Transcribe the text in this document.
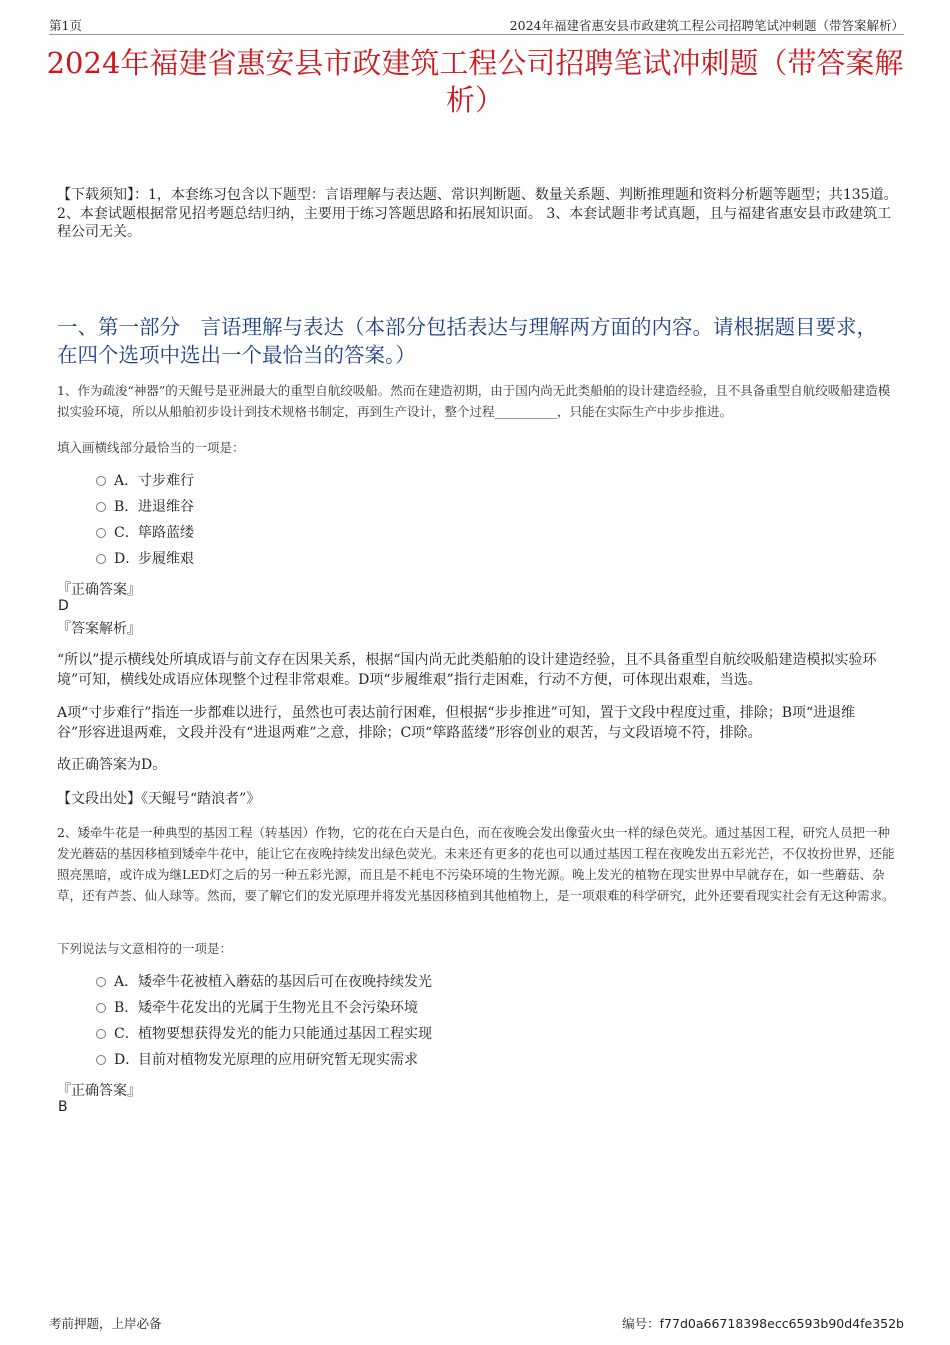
第1页	2024年福建省惠安县市政建筑工程公司招聘笔试冲刺题（带答案解析）
2024年福建省惠安县市政建筑工程公司招聘笔试冲刺题（带答案解析）
【下载须知】：1，本套练习包含以下题型：言语理解与表达题、常识判断题、数量关系题、判断推理题和资料分析题等题型；共135道。 2、本套试题根据常见招考题总结归纳，主要用于练习答题思路和拓展知识面。 3、本套试题非考试真题，且与福建省惠安县市政建筑工程公司无关。
一、第一部分　言语理解与表达（本部分包括表达与理解两方面的内容。请根据题目要求，在四个选项中选出一个最恰当的答案。）
1、作为疏浚“神器”的天鲲号是亚洲最大的重型自航绞吸船。然而在建造初期，由于国内尚无此类船舶的设计建造经验，且不具备重型自航绞吸船建造模拟实验环境，所以从船舶初步设计到技术规格书制定，再到生产设计，整个过程__________，只能在实际生产中步步推进。
填入画横线部分最恰当的一项是：
A．寸步难行
B．进退维谷
C．筚路蓝缕
D．步履维艰
『正确答案』
D
『答案解析』
“所以”提示横线处所填成语与前文存在因果关系，根据“国内尚无此类船舶的设计建造经验，且不具备重型自航绞吸船建造模拟实验环境”可知，横线处成语应体现整个过程非常艰难。D项“步履维艰”指行走困难，行动不方便，可体现出艰难，当选。
A项“寸步难行”指连一步都难以进行，虽然也可表达前行困难，但根据“步步推进”可知，置于文段中程度过重，排除；B项“进退维谷”形容进退两难，文段并没有“进退两难”之意，排除；C项“筚路蓝缕”形容创业的艰苦，与文段语境不符，排除。
故正确答案为D。
【文段出处】《天鲲号“踏浪者”》
2、矮牵牛花是一种典型的基因工程（转基因）作物，它的花在白天是白色，而在夜晚会发出像萤火虫一样的绿色荧光。通过基因工程，研究人员把一种发光蘑菇的基因移植到矮牵牛花中，能让它在夜晚持续发出绿色荧光。未来还有更多的花也可以通过基因工程在夜晚发出五彩光芒，不仅妆扮世界，还能照亮黑暗，或许成为继LED灯之后的另一种五彩光源，而且是不耗电不污染环境的生物光源。晚上发光的植物在现实世界中早就存在，如一些蘑菇、杂草，还有芦荟、仙人球等。然而，要了解它们的发光原理并将发光基因移植到其他植物上，是一项艰难的科学研究，此外还要看现实社会有无这种需求。
下列说法与文意相符的一项是：
A．矮牵牛花被植入蘑菇的基因后可在夜晚持续发光
B．矮牵牛花发出的光属于生物光且不会污染环境
C．植物要想获得发光的能力只能通过基因工程实现
D．目前对植物发光原理的应用研究暂无现实需求
『正确答案』
B
考前押题，上岸必备	编号：f77d0a66718398ecc6593b90d4fe352b
